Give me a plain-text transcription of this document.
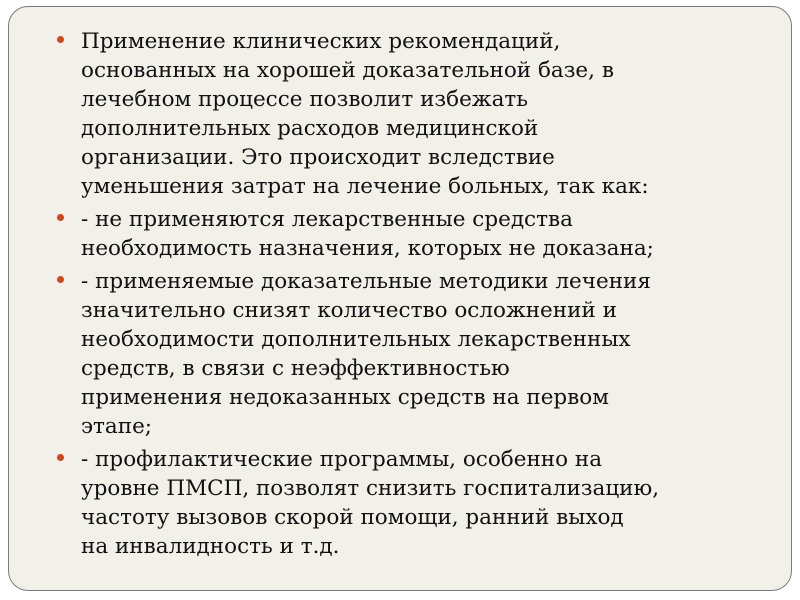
Применение клинических рекомендаций,
основанных на хорошей доказательной базе, в
лечебном процессе позволит избежать
дополнительных расходов медицинской
организации. Это происходит вследствие
уменьшения затрат на лечение больных, так как:
- не применяются лекарственные средства
необходимость назначения, которых не доказана;
- применяемые доказательные методики лечения
значительно снизят количество осложнений и
необходимости дополнительных лекарственных
средств, в связи с неэффективностью
применения недоказанных средств на первом
этапе;
- профилактические программы, особенно на
уровне ПМСП, позволят снизить госпитализацию,
частоту вызовов скорой помощи, ранний выход
на инвалидность и т.д.
